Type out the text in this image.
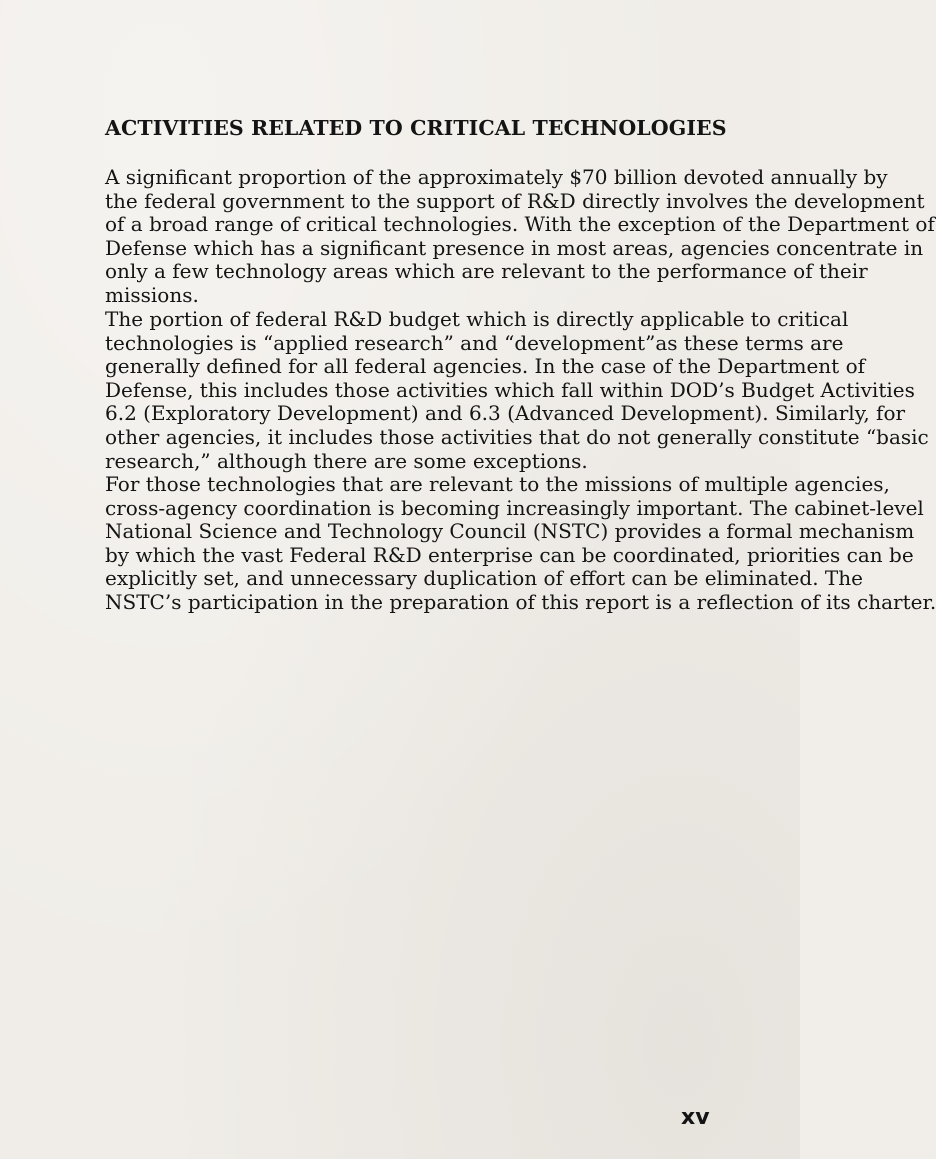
ACTIVITIES RELATED TO CRITICAL TECHNOLOGIES

A significant proportion of the approximately $70 billion devoted annually by
the federal government to the support of R&D directly involves the development
of a broad range of critical technologies. With the exception of the Department of
Defense which has a significant presence in most areas, agencies concentrate in
only a few technology areas which are relevant to the performance of their
missions.

The portion of federal R&D budget which is directly applicable to critical
technologies is “applied research” and “development”as these terms are
generally defined for all federal agencies. In the case of the Department of
Defense, this includes those activities which fall within DOD’s Budget Activities
6.2 (Exploratory Development) and 6.3 (Advanced Development). Similarly, for
other agencies, it includes those activities that do not generally constitute “basic
research,” although there are some exceptions.

For those technologies that are relevant to the missions of multiple agencies,
cross-agency coordination is becoming increasingly important. The cabinet-level
National Science and Technology Council (NSTC) provides a formal mechanism
by which the vast Federal R&D enterprise can be coordinated, priorities can be
explicitly set, and unnecessary duplication of effort can be eliminated. The
NSTC’s participation in the preparation of this report is a reflection of its charter.

xv
